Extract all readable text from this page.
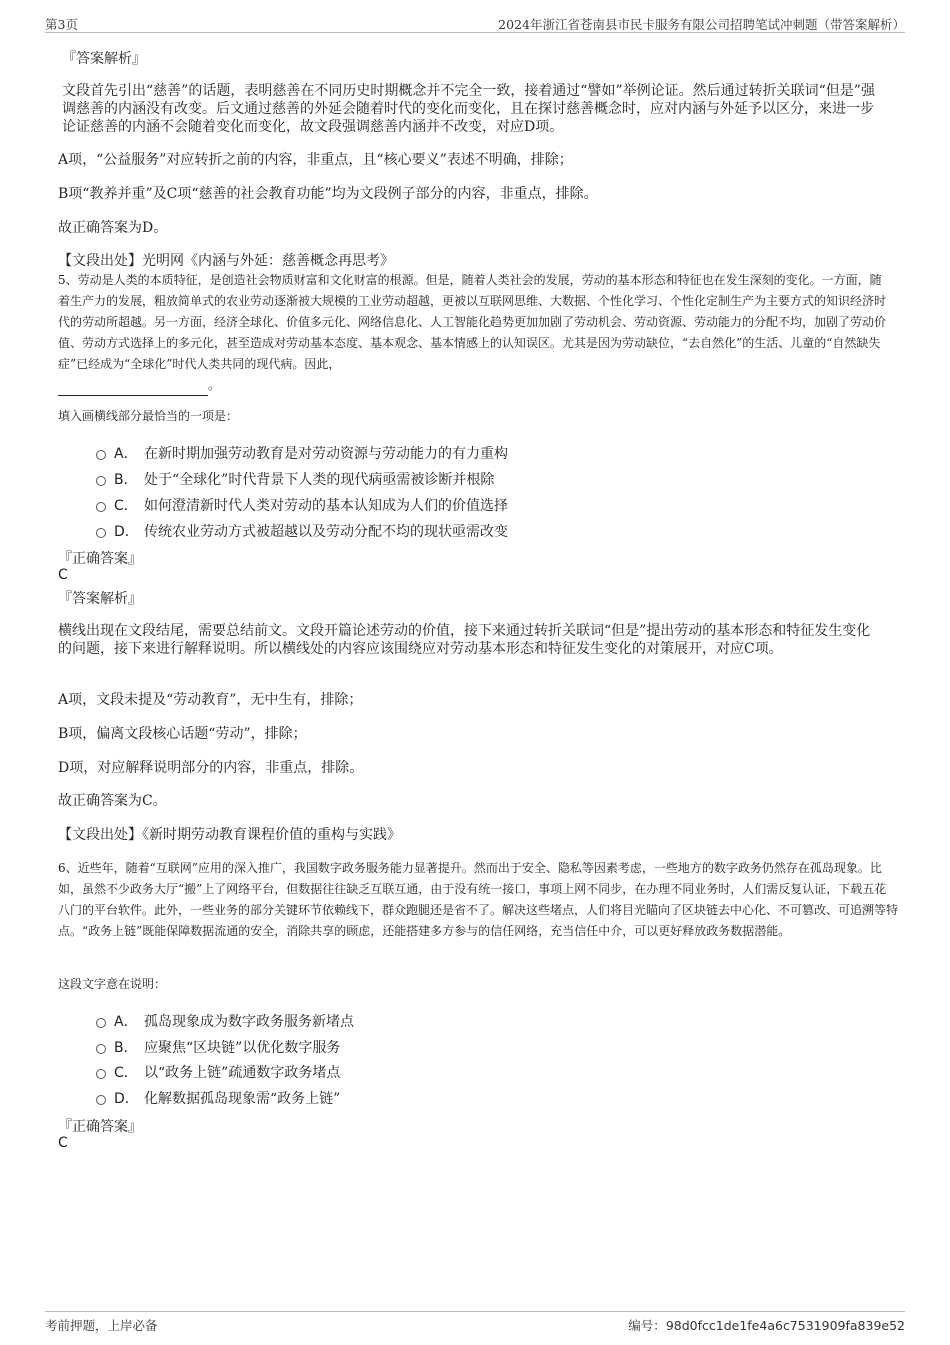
第3页	2024年浙江省苍南县市民卡服务有限公司招聘笔试冲刺题（带答案解析）
『答案解析』
文段首先引出“慈善”的话题，表明慈善在不同历史时期概念并不完全一致，接着通过“譬如”举例论证。然后通过转折关联词“但是”强调慈善的内涵没有改变。后文通过慈善的外延会随着时代的变化而变化，且在探讨慈善概念时，应对内涵与外延予以区分，来进一步论证慈善的内涵不会随着变化而变化，故文段强调慈善内涵并不改变，对应D项。
A项，“公益服务”对应转折之前的内容，非重点，且“核心要义”表述不明确，排除；
B项“教养并重”及C项“慈善的社会教育功能”均为文段例子部分的内容，非重点，排除。
故正确答案为D。
【文段出处】光明网《内涵与外延：慈善概念再思考》
5、劳动是人类的本质特征，是创造社会物质财富和文化财富的根源。但是，随着人类社会的发展，劳动的基本形态和特征也在发生深刻的变化。一方面，随着生产力的发展，粗放简单式的农业劳动逐渐被大规模的工业劳动超越，更被以互联网思维、大数据、个性化学习、个性化定制生产为主要方式的知识经济时代的劳动所超越。另一方面，经济全球化、价值多元化、网络信息化、人工智能化趋势更加加剧了劳动机会、劳动资源、劳动能力的分配不均，加剧了劳动价值、劳动方式选择上的多元化，甚至造成对劳动基本态度、基本观念、基本情感上的认知误区。尤其是因为劳动缺位，“去自然化”的生活、儿童的“自然缺失症”已经成为“全球化”时代人类共同的现代病。因此，
。
填入画横线部分最恰当的一项是：
A． 在新时期加强劳动教育是对劳动资源与劳动能力的有力重构
B． 处于“全球化”时代背景下人类的现代病亟需被诊断并根除
C． 如何澄清新时代人类对劳动的基本认知成为人们的价值选择
D． 传统农业劳动方式被超越以及劳动分配不均的现状亟需改变
『正确答案』
C
『答案解析』
横线出现在文段结尾，需要总结前文。文段开篇论述劳动的价值，接下来通过转折关联词“但是”提出劳动的基本形态和特征发生变化的问题，接下来进行解释说明。所以横线处的内容应该围绕应对劳动基本形态和特征发生变化的对策展开，对应C项。
A项，文段未提及“劳动教育”，无中生有，排除；
B项，偏离文段核心话题“劳动”，排除；
D项，对应解释说明部分的内容，非重点，排除。
故正确答案为C。
【文段出处】《新时期劳动教育课程价值的重构与实践》
6、近些年，随着“互联网”应用的深入推广，我国数字政务服务能力显著提升。然而出于安全、隐私等因素考虑，一些地方的数字政务仍然存在孤岛现象。比如，虽然不少政务大厅“搬”上了网络平台，但数据往往缺乏互联互通，由于没有统一接口，事项上网不同步，在办理不同业务时，人们需反复认证，下载五花八门的平台软件。此外，一些业务的部分关键环节依赖线下，群众跑腿还是省不了。解决这些堵点，人们将目光瞄向了区块链去中心化、不可篡改、可追溯等特点。“政务上链”既能保障数据流通的安全，消除共享的顾虑，还能搭建多方参与的信任网络，充当信任中介，可以更好释放政务数据潜能。
这段文字意在说明：
A． 孤岛现象成为数字政务服务新堵点
B． 应聚焦“区块链”以优化数字服务
C． 以“政务上链”疏通数字政务堵点
D． 化解数据孤岛现象需“政务上链”
『正确答案』
C
考前押题，上岸必备	编号：98d0fcc1de1fe4a6c7531909fa839e52
